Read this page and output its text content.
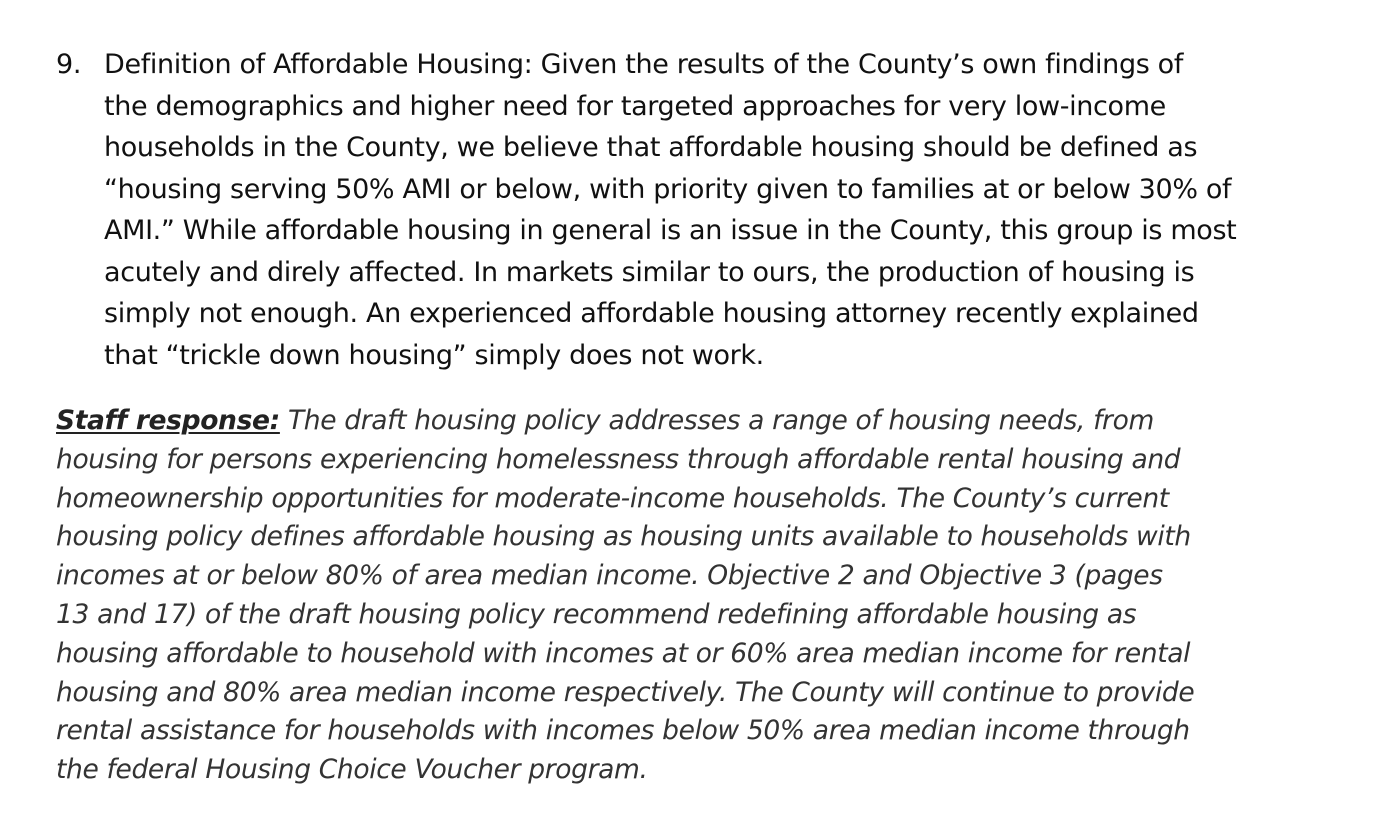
9. Definition of Affordable Housing: Given the results of the County’s own findings of
the demographics and higher need for targeted approaches for very low-income
households in the County, we believe that affordable housing should be defined as
“housing serving 50% AMI or below, with priority given to families at or below 30% of
AMI.” While affordable housing in general is an issue in the County, this group is most
acutely and direly affected. In markets similar to ours, the production of housing is
simply not enough. An experienced affordable housing attorney recently explained
that “trickle down housing” simply does not work.
Staff response: The draft housing policy addresses a range of housing needs, from
housing for persons experiencing homelessness through affordable rental housing and
homeownership opportunities for moderate-income households. The County’s current
housing policy defines affordable housing as housing units available to households with
incomes at or below 80% of area median income. Objective 2 and Objective 3 (pages
13 and 17) of the draft housing policy recommend redefining affordable housing as
housing affordable to household with incomes at or 60% area median income for rental
housing and 80% area median income respectively. The County will continue to provide
rental assistance for households with incomes below 50% area median income through
the federal Housing Choice Voucher program.
